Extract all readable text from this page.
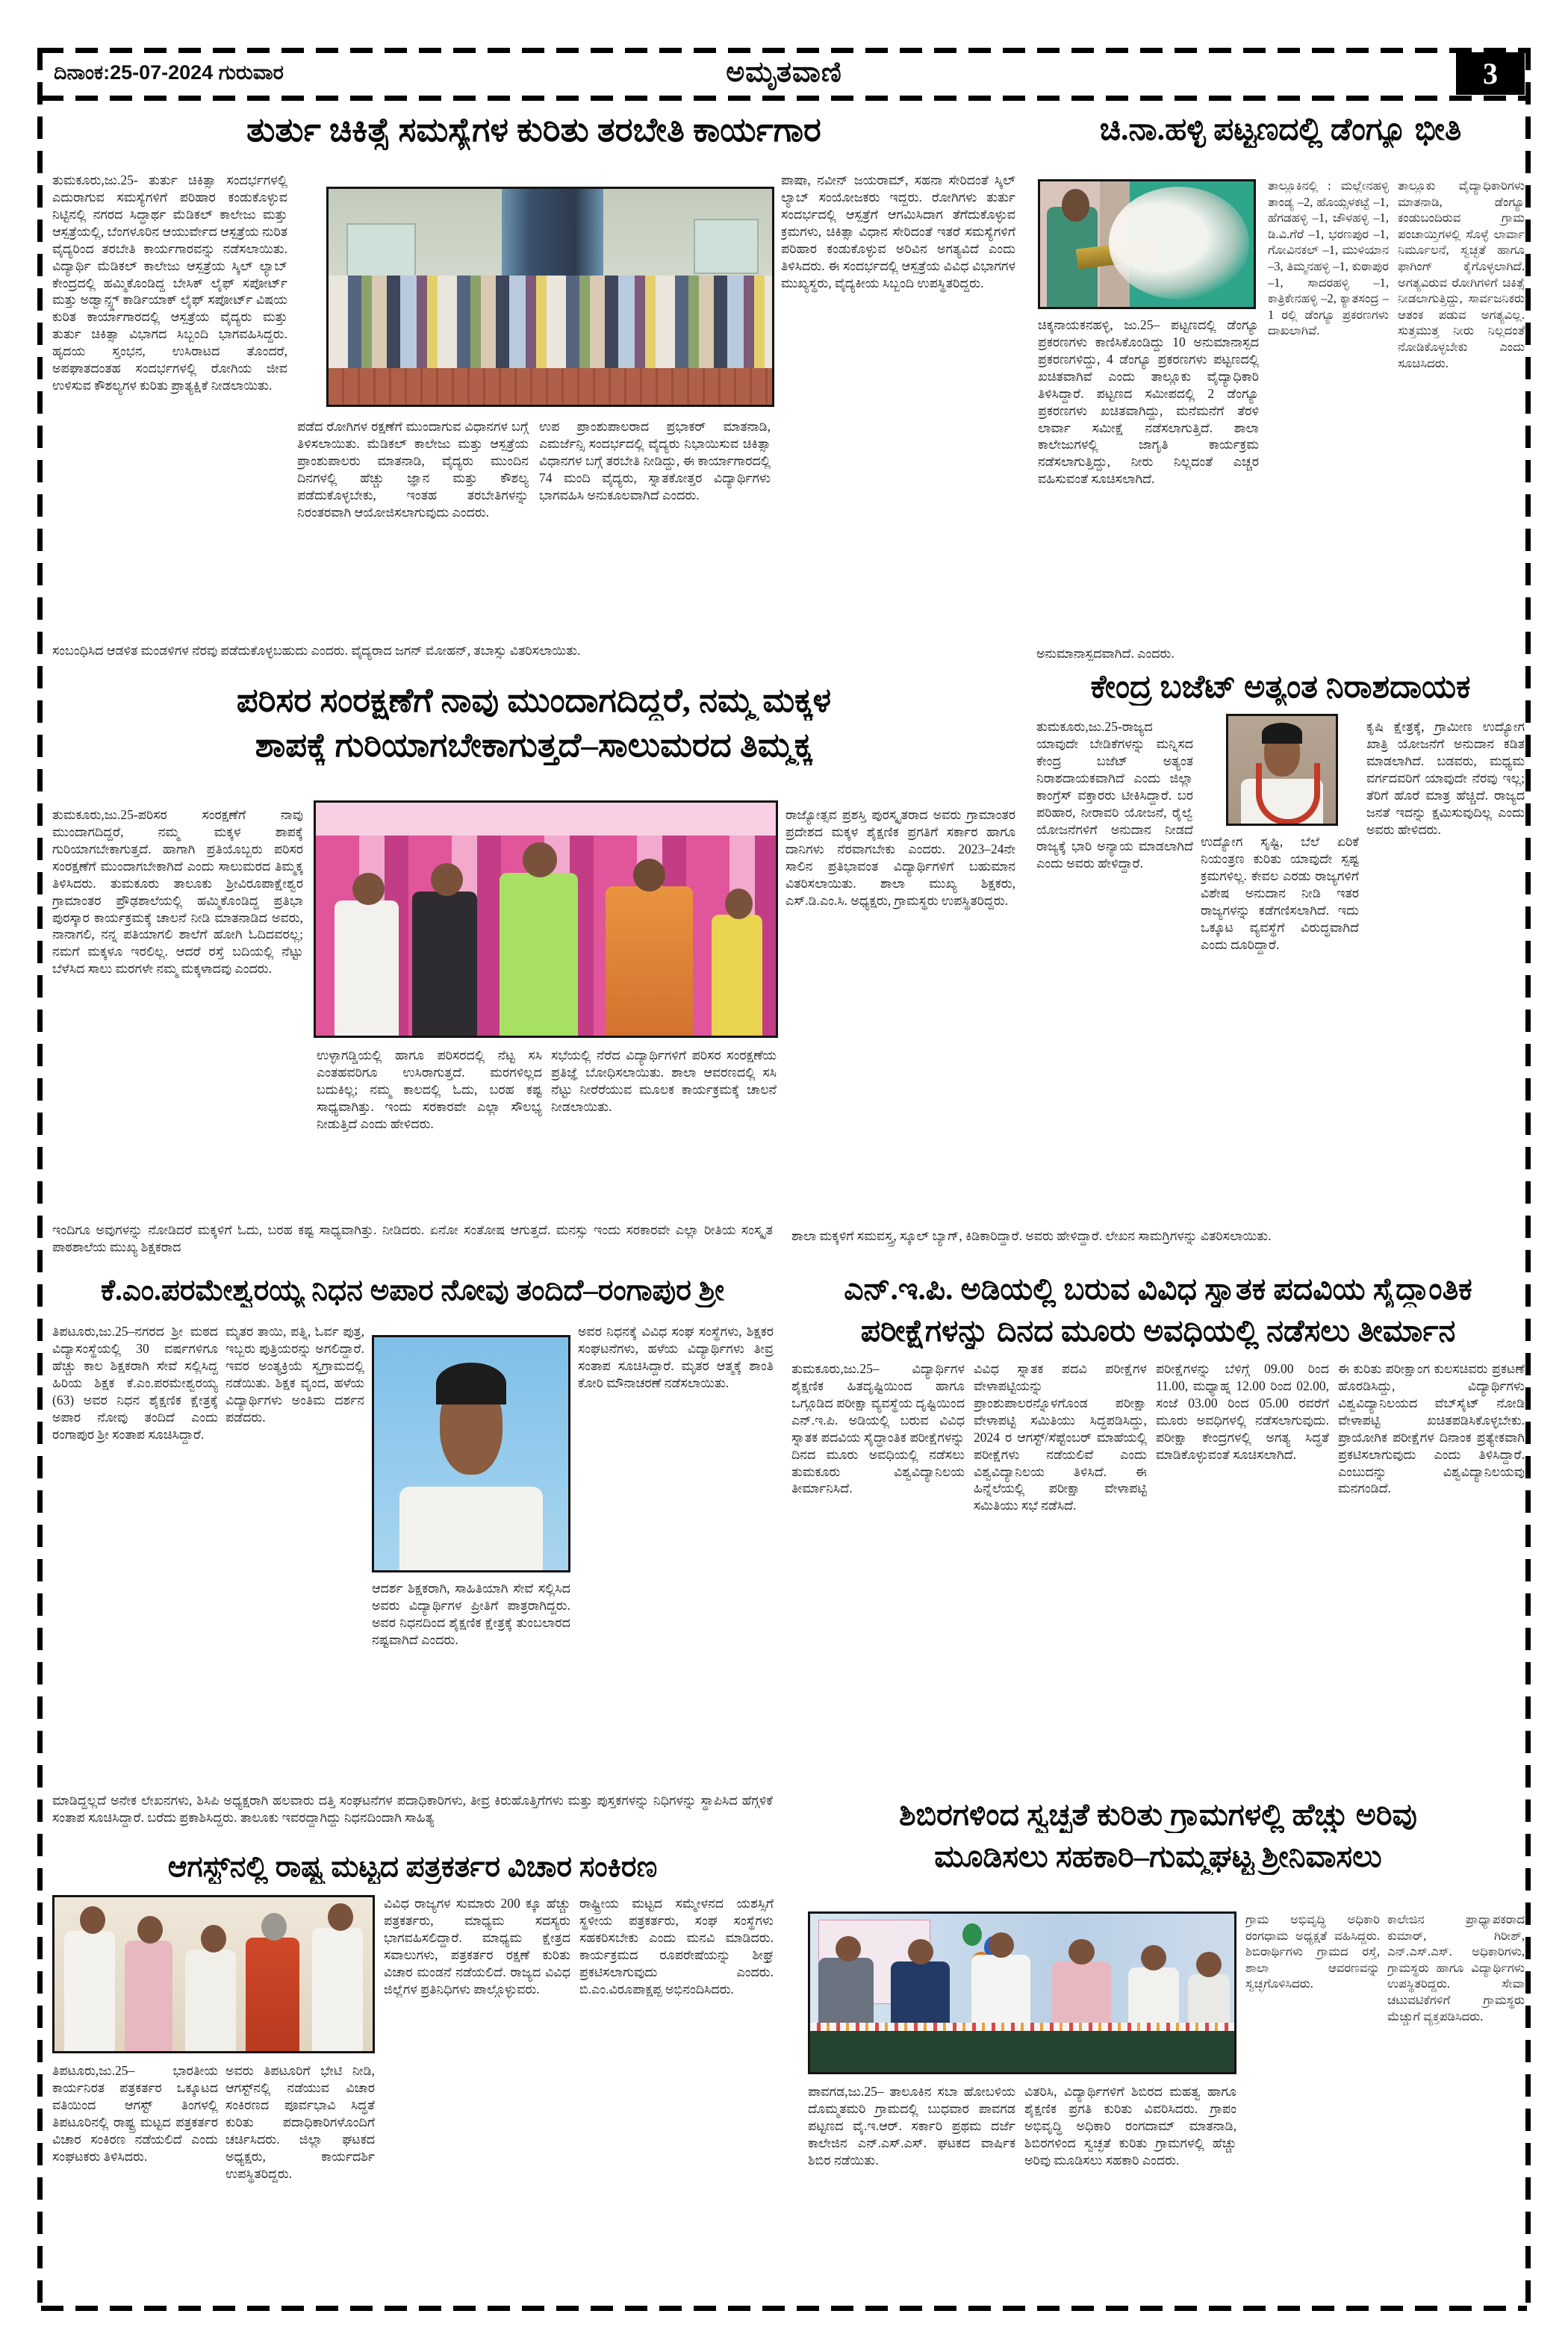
ದಿನಾಂಕ:25-07-2024 ಗುರುವಾರ	ಅಮೃತವಾಣಿ	3
ತುರ್ತು ಚಿಕಿತ್ಸೆ ಸಮಸ್ಯೆಗಳ ಕುರಿತು ತರಬೇತಿ ಕಾರ್ಯಗಾರ
ತುಮಕೂರು,ಜು.25- ತುರ್ತು ಚಿಕಿತ್ಸಾ ಸಂದರ್ಭಗಳಲ್ಲಿ ಎದುರಾಗುವ ಸಮಸ್ಯೆಗಳಿಗೆ ಪರಿಹಾರ ಕಂಡುಕೊಳ್ಳುವ ನಿಟ್ಟಿನಲ್ಲಿ ನಗರದ ಸಿದ್ಧಾರ್ಥ ಮೆಡಿಕಲ್ ಕಾಲೇಜು ಮತ್ತು ಆಸ್ಪತ್ರೆಯಲ್ಲಿ, ಬೆಂಗಳೂರಿನ ಆಯುರ್ವೇದ ಆಸ್ಪತ್ರೆಯ ನುರಿತ ವೈದ್ಯರಿಂದ ತರಬೇತಿ ಕಾರ್ಯಗಾರವನ್ನು ನಡೆಸಲಾಯಿತು. ವಿದ್ಯಾರ್ಥಿ ಮೆಡಿಕಲ್ ಕಾಲೇಜು ಆಸ್ಪತ್ರೆಯ ಸ್ಕಿಲ್ ಲ್ಯಾಬ್ ಕೇಂದ್ರದಲ್ಲಿ ಹಮ್ಮಿಕೊಂಡಿದ್ದ ಬೇಸಿಕ್ ಲೈಫ್ ಸಪೋರ್ಟ್ ಮತ್ತು ಅಡ್ವಾನ್ಸ್ಡ್ ಕಾರ್ಡಿಯಾಕ್ ಲೈಫ್ ಸಪೋರ್ಟ್ ವಿಷಯ ಕುರಿತ ಕಾರ್ಯಾಗಾರದಲ್ಲಿ ಆಸ್ಪತ್ರೆಯ ವೈದ್ಯರು ಮತ್ತು ತುರ್ತು ಚಿಕಿತ್ಸಾ ವಿಭಾಗದ ಸಿಬ್ಬಂದಿ ಭಾಗವಹಿಸಿದ್ದರು. ಹೃದಯ ಸ್ತಂಭನ, ಉಸಿರಾಟದ ತೊಂದರೆ, ಅಪಘಾತದಂತಹ ಸಂದರ್ಭಗಳಲ್ಲಿ ರೋಗಿಯ ಜೀವ ಉಳಿಸುವ ಕೌಶಲ್ಯಗಳ ಕುರಿತು ಪ್ರಾತ್ಯಕ್ಷಿಕೆ ನೀಡಲಾಯಿತು.
ಪಡೆದ ರೋಗಿಗಳ ರಕ್ಷಣೆಗೆ ಮುಂದಾಗುವ ವಿಧಾನಗಳ ಬಗ್ಗೆ ತಿಳಿಸಲಾಯಿತು. ಮೆಡಿಕಲ್ ಕಾಲೇಜು ಮತ್ತು ಆಸ್ಪತ್ರೆಯ ಪ್ರಾಂಶುಪಾಲರು ಮಾತನಾಡಿ, ವೈದ್ಯರು ಮುಂದಿನ ದಿನಗಳಲ್ಲಿ ಹೆಚ್ಚು ಜ್ಞಾನ ಮತ್ತು ಕೌಶಲ್ಯ ಪಡೆದುಕೊಳ್ಳಬೇಕು, ಇಂತಹ ತರಬೇತಿಗಳನ್ನು ನಿರಂತರವಾಗಿ ಆಯೋಜಿಸಲಾಗುವುದು ಎಂದರು.
ಉಪ ಪ್ರಾಂಶುಪಾಲರಾದ ಪ್ರಭಾಕರ್ ಮಾತನಾಡಿ, ಎಮರ್ಜೆನ್ಸಿ ಸಂದರ್ಭದಲ್ಲಿ ವೈದ್ಯರು ನಿಭಾಯಿಸುವ ಚಿಕಿತ್ಸಾ ವಿಧಾನಗಳ ಬಗ್ಗೆ ತರಬೇತಿ ನೀಡಿದ್ದು, ಈ ಕಾರ್ಯಾಗಾರದಲ್ಲಿ 74 ಮಂದಿ ವೈದ್ಯರು, ಸ್ನಾತಕೋತ್ತರ ವಿದ್ಯಾರ್ಥಿಗಳು ಭಾಗವಹಿಸಿ ಅನುಕೂಲವಾಗಿದೆ ಎಂದರು.
ಪಾಷಾ, ನವೀನ್ ಜಯರಾಮ್, ಸಹನಾ ಸೇರಿದಂತೆ ಸ್ಕಿಲ್ ಲ್ಯಾಬ್ ಸಂಯೋಜಕರು ಇದ್ದರು. ರೋಗಿಗಳು ತುರ್ತು ಸಂದರ್ಭದಲ್ಲಿ ಆಸ್ಪತ್ರೆಗೆ ಆಗಮಿಸಿದಾಗ ತೆಗೆದುಕೊಳ್ಳುವ ಕ್ರಮಗಳು, ಚಿಕಿತ್ಸಾ ವಿಧಾನ ಸೇರಿದಂತೆ ಇತರೆ ಸಮಸ್ಯೆಗಳಿಗೆ ಪರಿಹಾರ ಕಂಡುಕೊಳ್ಳುವ ಅರಿವಿನ ಅಗತ್ಯವಿದೆ ಎಂದು ತಿಳಿಸಿದರು. ಈ ಸಂದರ್ಭದಲ್ಲಿ ಆಸ್ಪತ್ರೆಯ ವಿವಿಧ ವಿಭಾಗಗಳ ಮುಖ್ಯಸ್ಥರು, ವೈದ್ಯಕೀಯ ಸಿಬ್ಬಂದಿ ಉಪಸ್ಥಿತರಿದ್ದರು.
ಸಂಬಂಧಿಸಿದ ಆಡಳಿತ ಮಂಡಳಿಗಳ ನೆರವು ಪಡೆದುಕೊಳ್ಳಬಹುದು ಎಂದರು. ವೈದ್ಯರಾದ ಜಗನ್ ಮೋಹನ್, ತಬಾಸ್ಸು ವಿತರಿಸಲಾಯಿತು.
ಚಿ.ನಾ.ಹಳ್ಳಿ ಪಟ್ಟಣದಲ್ಲಿ ಡೆಂಗ್ಯೂ ಭೀತಿ
ಚಿಕ್ಕನಾಯಕನಹಳ್ಳಿ, ಜು.25– ಪಟ್ಟಣದಲ್ಲಿ ಡೆಂಗ್ಯೂ ಪ್ರಕರಣಗಳು ಕಾಣಿಸಿಕೊಂಡಿದ್ದು 10 ಅನುಮಾನಾಸ್ಪದ ಪ್ರಕರಣಗಳಿದ್ದು, 4 ಡೆಂಗ್ಯೂ ಪ್ರಕರಣಗಳು ಪಟ್ಟಣದಲ್ಲಿ ಖಚಿತವಾಗಿವೆ ಎಂದು ತಾಲ್ಲೂಕು ವೈದ್ಯಾಧಿಕಾರಿ ತಿಳಿಸಿದ್ದಾರೆ. ಪಟ್ಟಣದ ಸಮೀಪದಲ್ಲಿ 2 ಡೆಂಗ್ಯೂ ಪ್ರಕರಣಗಳು ಖಚಿತವಾಗಿದ್ದು, ಮನೆಮನೆಗೆ ತೆರಳಿ ಲಾರ್ವಾ ಸಮೀಕ್ಷೆ ನಡೆಸಲಾಗುತ್ತಿದೆ. ಶಾಲಾ ಕಾಲೇಜುಗಳಲ್ಲಿ ಜಾಗೃತಿ ಕಾರ್ಯಕ್ರಮ ನಡೆಸಲಾಗುತ್ತಿದ್ದು, ನೀರು ನಿಲ್ಲದಂತೆ ಎಚ್ಚರ ವಹಿಸುವಂತೆ ಸೂಚಿಸಲಾಗಿದೆ.
ತಾಲ್ಲೂಕಿನಲ್ಲಿ : ಮಲ್ಲೇನಹಳ್ಳಿ ತಾಂಡ್ಯ –2, ಹೊಯ್ಸಳಕಟ್ಟೆ –1, ಹೆಗಡಹಳ್ಳಿ –1, ಚೌಳಹಳ್ಳಿ –1, ಡಿ.ವಿ.ಗೆರೆ –1, ಭರಣಪುರ –1, ಗೋವಿನಕಲ್ –1, ಮುಳಿಯಾನ –3, ತಿಮ್ಮನಹಳ್ಳಿ –1, ಕುಠಾಪುರ –1, ಸಾದರಹಳ್ಳಿ –1, ಕಾತ್ರಿಕೇನಹಳ್ಳಿ –2, ಕ್ಯಾತಸಂದ್ರ –1 ರಲ್ಲಿ ಡೆಂಗ್ಯೂ ಪ್ರಕರಣಗಳು ದಾಖಲಾಗಿವೆ.
ತಾಲ್ಲೂಕು ವೈದ್ಯಾಧಿಕಾರಿಗಳು ಮಾತನಾಡಿ, ಡೆಂಗ್ಯೂ ಕಂಡುಬಂದಿರುವ ಗ್ರಾಮ ಪಂಚಾಯ್ತಿಗಳಲ್ಲಿ ಸೊಳ್ಳೆ ಲಾರ್ವಾ ನಿರ್ಮೂಲನೆ, ಸ್ವಚ್ಛತೆ ಹಾಗೂ ಫಾಗಿಂಗ್ ಕೈಗೊಳ್ಳಲಾಗಿದೆ. ಅಗತ್ಯವಿರುವ ರೋಗಿಗಳಿಗೆ ಚಿಕಿತ್ಸೆ ನೀಡಲಾಗುತ್ತಿದ್ದು, ಸಾರ್ವಜನಿಕರು ಆತಂಕ ಪಡುವ ಅಗತ್ಯವಿಲ್ಲ. ಸುತ್ತಮುತ್ತ ನೀರು ನಿಲ್ಲದಂತೆ ನೋಡಿಕೊಳ್ಳಬೇಕು ಎಂದು ಸೂಚಿಸಿದರು.
ಅನುಮಾನಾಸ್ಪದವಾಗಿದೆ. ಎಂದರು.
ಪರಿಸರ ಸಂರಕ್ಷಣೆಗೆ ನಾವು ಮುಂದಾಗದಿದ್ದರೆ, ನಮ್ಮ ಮಕ್ಕಳ
ಶಾಪಕ್ಕೆ ಗುರಿಯಾಗಬೇಕಾಗುತ್ತದೆ–ಸಾಲುಮರದ ತಿಮ್ಮಕ್ಕ
ತುಮಕೂರು,ಜು.25-ಪರಿಸರ ಸಂರಕ್ಷಣೆಗೆ ನಾವು ಮುಂದಾಗದಿದ್ದರೆ, ನಮ್ಮ ಮಕ್ಕಳ ಶಾಪಕ್ಕೆ ಗುರಿಯಾಗಬೇಕಾಗುತ್ತದೆ. ಹಾಗಾಗಿ ಪ್ರತಿಯೊಬ್ಬರು ಪರಿಸರ ಸಂರಕ್ಷಣೆಗೆ ಮುಂದಾಗಬೇಕಾಗಿದೆ ಎಂದು ಸಾಲುಮರದ ತಿಮ್ಮಕ್ಕ ತಿಳಿಸಿದರು. ತುಮಕೂರು ತಾಲೂಕು ಶ್ರೀವಿರೂಪಾಕ್ಷೇಶ್ವರ ಗ್ರಾಮಾಂತರ ಪ್ರೌಢಶಾಲೆಯಲ್ಲಿ ಹಮ್ಮಿಕೊಂಡಿದ್ದ ಪ್ರತಿಭಾ ಪುರಸ್ಕಾರ ಕಾರ್ಯಕ್ರಮಕ್ಕೆ ಚಾಲನೆ ನೀಡಿ ಮಾತನಾಡಿದ ಅವರು, ನಾನಾಗಲಿ, ನನ್ನ ಪತಿಯಾಗಲಿ ಶಾಲೆಗೆ ಹೋಗಿ ಓದಿದವರಲ್ಲ; ನಮಗೆ ಮಕ್ಕಳೂ ಇರಲಿಲ್ಲ. ಆದರೆ ರಸ್ತೆ ಬದಿಯಲ್ಲಿ ನೆಟ್ಟು ಬೆಳೆಸಿದ ಸಾಲು ಮರಗಳೇ ನಮ್ಮ ಮಕ್ಕಳಾದವು ಎಂದರು.
ಉಳ್ಳಾಗಡ್ಡಿಯಲ್ಲಿ ಹಾಗೂ ಪರಿಸರದಲ್ಲಿ ನೆಟ್ಟ ಸಸಿ ಎಂತಹವರಿಗೂ ಉಸಿರಾಗುತ್ತದೆ. ಮರಗಳಿಲ್ಲದ ಬದುಕಿಲ್ಲ; ನಮ್ಮ ಕಾಲದಲ್ಲಿ ಓದು, ಬರಹ ಕಷ್ಟ ಸಾಧ್ಯವಾಗಿತ್ತು. ಇಂದು ಸರಕಾರವೇ ಎಲ್ಲಾ ಸೌಲಭ್ಯ ನೀಡುತ್ತಿದೆ ಎಂದು ಹೇಳಿದರು.
ಸಭೆಯಲ್ಲಿ ನೆರೆದ ವಿದ್ಯಾರ್ಥಿಗಳಿಗೆ ಪರಿಸರ ಸಂರಕ್ಷಣೆಯ ಪ್ರತಿಜ್ಞೆ ಬೋಧಿಸಲಾಯಿತು. ಶಾಲಾ ಆವರಣದಲ್ಲಿ ಸಸಿ ನೆಟ್ಟು ನೀರೆರೆಯುವ ಮೂಲಕ ಕಾರ್ಯಕ್ರಮಕ್ಕೆ ಚಾಲನೆ ನೀಡಲಾಯಿತು.
ರಾಜ್ಯೋತ್ಸವ ಪ್ರಶಸ್ತಿ ಪುರಸ್ಕೃತರಾದ ಅವರು ಗ್ರಾಮಾಂತರ ಪ್ರದೇಶದ ಮಕ್ಕಳ ಶೈಕ್ಷಣಿಕ ಪ್ರಗತಿಗೆ ಸರ್ಕಾರ ಹಾಗೂ ದಾನಿಗಳು ನೆರವಾಗಬೇಕು ಎಂದರು. 2023–24ನೇ ಸಾಲಿನ ಪ್ರತಿಭಾವಂತ ವಿದ್ಯಾರ್ಥಿಗಳಿಗೆ ಬಹುಮಾನ ವಿತರಿಸಲಾಯಿತು. ಶಾಲಾ ಮುಖ್ಯ ಶಿಕ್ಷಕರು, ಎಸ್.ಡಿ.ಎಂ.ಸಿ. ಅಧ್ಯಕ್ಷರು, ಗ್ರಾಮಸ್ಥರು ಉಪಸ್ಥಿತರಿದ್ದರು.
ಇಂದಿಗೂ ಅವುಗಳನ್ನು ನೋಡಿದರೆ ಮಕ್ಕಳಿಗೆ ಓದು, ಬರಹ ಕಷ್ಟ ಸಾಧ್ಯವಾಗಿತ್ತು. ನೀಡಿದರು. ಏನೋ ಸಂತೋಷ ಆಗುತ್ತದೆ. ಮನಸ್ಸು ಇಂದು ಸರಕಾರವೇ ಎಲ್ಲಾ ರೀತಿಯ ಸಂಸ್ಕೃತ ಪಾಠಶಾಲೆಯ ಮುಖ್ಯ ಶಿಕ್ಷಕರಾದ
ಕೇಂದ್ರ ಬಜೆಟ್ ಅತ್ಯಂತ ನಿರಾಶದಾಯಕ
ತುಮಕೂರು,ಜು.25-ರಾಜ್ಯದ ಯಾವುದೇ ಬೇಡಿಕೆಗಳನ್ನು ಮನ್ನಿಸದ ಕೇಂದ್ರ ಬಜೆಟ್ ಅತ್ಯಂತ ನಿರಾಶದಾಯಕವಾಗಿದೆ ಎಂದು ಜಿಲ್ಲಾ ಕಾಂಗ್ರೆಸ್ ವಕ್ತಾರರು ಟೀಕಿಸಿದ್ದಾರೆ. ಬರ ಪರಿಹಾರ, ನೀರಾವರಿ ಯೋಜನೆ, ರೈಲ್ವೆ ಯೋಜನೆಗಳಿಗೆ ಅನುದಾನ ನೀಡದೆ ರಾಜ್ಯಕ್ಕೆ ಭಾರಿ ಅನ್ಯಾಯ ಮಾಡಲಾಗಿದೆ ಎಂದು ಅವರು ಹೇಳಿದ್ದಾರೆ.
ಉದ್ಯೋಗ ಸೃಷ್ಟಿ, ಬೆಲೆ ಏರಿಕೆ ನಿಯಂತ್ರಣ ಕುರಿತು ಯಾವುದೇ ಸ್ಪಷ್ಟ ಕ್ರಮಗಳಿಲ್ಲ. ಕೇವಲ ಎರಡು ರಾಜ್ಯಗಳಿಗೆ ವಿಶೇಷ ಅನುದಾನ ನೀಡಿ ಇತರ ರಾಜ್ಯಗಳನ್ನು ಕಡೆಗಣಿಸಲಾಗಿದೆ. ಇದು ಒಕ್ಕೂಟ ವ್ಯವಸ್ಥೆಗೆ ವಿರುದ್ಧವಾಗಿದೆ ಎಂದು ದೂರಿದ್ದಾರೆ.
ಕೃಷಿ ಕ್ಷೇತ್ರಕ್ಕೆ, ಗ್ರಾಮೀಣ ಉದ್ಯೋಗ ಖಾತ್ರಿ ಯೋಜನೆಗೆ ಅನುದಾನ ಕಡಿತ ಮಾಡಲಾಗಿದೆ. ಬಡವರು, ಮಧ್ಯಮ ವರ್ಗದವರಿಗೆ ಯಾವುದೇ ನೆರವು ಇಲ್ಲ; ತೆರಿಗೆ ಹೊರೆ ಮಾತ್ರ ಹೆಚ್ಚಿದೆ. ರಾಜ್ಯದ ಜನತೆ ಇದನ್ನು ಕ್ಷಮಿಸುವುದಿಲ್ಲ ಎಂದು ಅವರು ಹೇಳಿದರು.
ಕೆ.ಎಂ.ಪರಮೇಶ್ವರಯ್ಯ ನಿಧನ ಅಪಾರ ನೋವು ತಂದಿದೆ–ರಂಗಾಪುರ ಶ್ರೀ
ತಿಪಟೂರು,ಜು.25–ನಗರದ ಶ್ರೀ ಮಠದ ವಿದ್ಯಾಸಂಸ್ಥೆಯಲ್ಲಿ 30 ವರ್ಷಗಳಿಗೂ ಹೆಚ್ಚು ಕಾಲ ಶಿಕ್ಷಕರಾಗಿ ಸೇವೆ ಸಲ್ಲಿಸಿದ್ದ ಹಿರಿಯ ಶಿಕ್ಷಕ ಕೆ.ಎಂ.ಪರಮೇಶ್ವರಯ್ಯ (63) ಅವರ ನಿಧನ ಶೈಕ್ಷಣಿಕ ಕ್ಷೇತ್ರಕ್ಕೆ ಅಪಾರ ನೋವು ತಂದಿದೆ ಎಂದು ರಂಗಾಪುರ ಶ್ರೀ ಸಂತಾಪ ಸೂಚಿಸಿದ್ದಾರೆ.
ಮೃತರ ತಾಯಿ, ಪತ್ನಿ, ಓರ್ವ ಪುತ್ರ, ಇಬ್ಬರು ಪುತ್ರಿಯರನ್ನು ಅಗಲಿದ್ದಾರೆ. ಇವರ ಅಂತ್ಯಕ್ರಿಯೆ ಸ್ವಗ್ರಾಮದಲ್ಲಿ ನಡೆಯಿತು. ಶಿಕ್ಷಕ ವೃಂದ, ಹಳೆಯ ವಿದ್ಯಾರ್ಥಿಗಳು ಅಂತಿಮ ದರ್ಶನ ಪಡೆದರು.
ಆದರ್ಶ ಶಿಕ್ಷಕರಾಗಿ, ಸಾಹಿತಿಯಾಗಿ ಸೇವೆ ಸಲ್ಲಿಸಿದ ಅವರು ವಿದ್ಯಾರ್ಥಿಗಳ ಪ್ರೀತಿಗೆ ಪಾತ್ರರಾಗಿದ್ದರು. ಅವರ ನಿಧನದಿಂದ ಶೈಕ್ಷಣಿಕ ಕ್ಷೇತ್ರಕ್ಕೆ ತುಂಬಲಾರದ ನಷ್ಟವಾಗಿದೆ ಎಂದರು.
ಅವರ ನಿಧನಕ್ಕೆ ವಿವಿಧ ಸಂಘ ಸಂಸ್ಥೆಗಳು, ಶಿಕ್ಷಕರ ಸಂಘಟನೆಗಳು, ಹಳೆಯ ವಿದ್ಯಾರ್ಥಿಗಳು ತೀವ್ರ ಸಂತಾಪ ಸೂಚಿಸಿದ್ದಾರೆ. ಮೃತರ ಆತ್ಮಕ್ಕೆ ಶಾಂತಿ ಕೋರಿ ಮೌನಾಚರಣೆ ನಡೆಸಲಾಯಿತು.
ಮಾಡಿದ್ದಲ್ಲದೆ ಅನೇಕ ಲೇಖನಗಳು, ಶಿಸಿಪಿ ಅಧ್ಯಕ್ಷರಾಗಿ ಹಲವಾರು ದತ್ತಿ ಸಂಘಟನೆಗಳ ಪದಾಧಿಕಾರಿಗಳು, ತೀವ್ರ ಕಿರುಹೊತ್ತಿಗೆಗಳು ಮತ್ತು ಪುಸ್ತಕಗಳನ್ನು ನಿಧಿಗಳನ್ನು ಸ್ಥಾಪಿಸಿದ ಹೆಗ್ಗಳಿಕೆ ಸಂತಾಪ ಸೂಚಿಸಿದ್ದಾರೆ. ಬರೆದು ಪ್ರಕಾಶಿಸಿದ್ದರು. ತಾಲೂಕು ಇವರದ್ದಾಗಿದ್ದು ನಿಧನದಿಂದಾಗಿ ಸಾಹಿತ್ಯ
ಶಾಲಾ ಮಕ್ಕಳಿಗೆ ಸಮವಸ್ತ್ರ, ಸ್ಕೂಲ್ ಬ್ಯಾಗ್, ಕಿಡಿಕಾರಿದ್ದಾರೆ. ಅವರು ಹೇಳಿದ್ದಾರೆ. ಲೇಖನ ಸಾಮಗ್ರಿಗಳನ್ನು ವಿತರಿಸಲಾಯಿತು.
ಎನ್.ಇ.ಪಿ. ಅಡಿಯಲ್ಲಿ ಬರುವ ವಿವಿಧ ಸ್ನಾತಕ ಪದವಿಯ ಸೈದ್ಧಾಂತಿಕ
ಪರೀಕ್ಷೆಗಳನ್ನು ದಿನದ ಮೂರು ಅವಧಿಯಲ್ಲಿ ನಡೆಸಲು ತೀರ್ಮಾನ
ತುಮಕೂರು,ಜು.25– ವಿದ್ಯಾರ್ಥಿಗಳ ಶೈಕ್ಷಣಿಕ ಹಿತದೃಷ್ಟಿಯಿಂದ ಹಾಗೂ ಒಗ್ಗೂಡಿದ ಪರೀಕ್ಷಾ ವ್ಯವಸ್ಥೆಯ ದೃಷ್ಟಿಯಿಂದ ಎನ್.ಇ.ಪಿ. ಅಡಿಯಲ್ಲಿ ಬರುವ ವಿವಿಧ ಸ್ನಾತಕ ಪದವಿಯ ಸೈದ್ಧಾಂತಿಕ ಪರೀಕ್ಷೆಗಳನ್ನು ದಿನದ ಮೂರು ಅವಧಿಯಲ್ಲಿ ನಡೆಸಲು ತುಮಕೂರು ವಿಶ್ವವಿದ್ಯಾನಿಲಯ ತೀರ್ಮಾನಿಸಿದೆ.
ವಿವಿಧ ಸ್ನಾತಕ ಪದವಿ ಪರೀಕ್ಷೆಗಳ ವೇಳಾಪಟ್ಟಿಯನ್ನು ಪ್ರಾಂಶುಪಾಲರನ್ನೊಳಗೊಂಡ ಪರೀಕ್ಷಾ ವೇಳಾಪಟ್ಟಿ ಸಮಿತಿಯು ಸಿದ್ಧಪಡಿಸಿದ್ದು, 2024 ರ ಆಗಸ್ಟ್/ಸೆಪ್ಟೆಂಬರ್ ಮಾಹೆಯಲ್ಲಿ ಪರೀಕ್ಷೆಗಳು ನಡೆಯಲಿವೆ ಎಂದು ವಿಶ್ವವಿದ್ಯಾನಿಲಯ ತಿಳಿಸಿದೆ. ಈ ಹಿನ್ನೆಲೆಯಲ್ಲಿ ಪರೀಕ್ಷಾ ವೇಳಾಪಟ್ಟಿ ಸಮಿತಿಯು ಸಭೆ ನಡೆಸಿದೆ.
ಪರೀಕ್ಷೆಗಳನ್ನು ಬೆಳಿಗ್ಗೆ 09.00 ರಿಂದ 11.00, ಮಧ್ಯಾಹ್ನ 12.00 ರಿಂದ 02.00, ಸಂಜೆ 03.00 ರಿಂದ 05.00 ರವರೆಗೆ ಮೂರು ಅವಧಿಗಳಲ್ಲಿ ನಡೆಸಲಾಗುವುದು. ಪರೀಕ್ಷಾ ಕೇಂದ್ರಗಳಲ್ಲಿ ಅಗತ್ಯ ಸಿದ್ಧತೆ ಮಾಡಿಕೊಳ್ಳುವಂತೆ ಸೂಚಿಸಲಾಗಿದೆ.
ಈ ಕುರಿತು ಪರೀಕ್ಷಾಂಗ ಕುಲಸಚಿವರು ಪ್ರಕಟಣೆ ಹೊರಡಿಸಿದ್ದು, ವಿದ್ಯಾರ್ಥಿಗಳು ವಿಶ್ವವಿದ್ಯಾನಿಲಯದ ವೆಬ್‌ಸೈಟ್ ನೋಡಿ ವೇಳಾಪಟ್ಟಿ ಖಚಿತಪಡಿಸಿಕೊಳ್ಳಬೇಕು. ಪ್ರಾಯೋಗಿಕ ಪರೀಕ್ಷೆಗಳ ದಿನಾಂಕ ಪ್ರತ್ಯೇಕವಾಗಿ ಪ್ರಕಟಿಸಲಾಗುವುದು ಎಂದು ತಿಳಿಸಿದ್ದಾರೆ. ಎಂಬುದನ್ನು ವಿಶ್ವವಿದ್ಯಾನಿಲಯವು ಮನಗಂಡಿದೆ.
ಆಗಸ್ಟ್‌ನಲ್ಲಿ ರಾಷ್ಟ್ರ ಮಟ್ಟದ ಪತ್ರಕರ್ತರ ವಿಚಾರ ಸಂಕಿರಣ
ತಿಪಟೂರು,ಜು.25– ಭಾರತೀಯ ಕಾರ್ಯನಿರತ ಪತ್ರಕರ್ತರ ಒಕ್ಕೂಟದ ವತಿಯಿಂದ ಆಗಸ್ಟ್ ತಿಂಗಳಲ್ಲಿ ತಿಪಟೂರಿನಲ್ಲಿ ರಾಷ್ಟ್ರ ಮಟ್ಟದ ಪತ್ರಕರ್ತರ ವಿಚಾರ ಸಂಕಿರಣ ನಡೆಯಲಿದೆ ಎಂದು ಸಂಘಟಕರು ತಿಳಿಸಿದರು.
ಅವರು ತಿಪಟೂರಿಗೆ ಭೇಟಿ ನೀಡಿ, ಆಗಸ್ಟ್‌ನಲ್ಲಿ ನಡೆಯುವ ವಿಚಾರ ಸಂಕಿರಣದ ಪೂರ್ವಭಾವಿ ಸಿದ್ಧತೆ ಕುರಿತು ಪದಾಧಿಕಾರಿಗಳೊಂದಿಗೆ ಚರ್ಚಿಸಿದರು. ಜಿಲ್ಲಾ ಘಟಕದ ಅಧ್ಯಕ್ಷರು, ಕಾರ್ಯದರ್ಶಿ ಉಪಸ್ಥಿತರಿದ್ದರು.
ವಿವಿಧ ರಾಜ್ಯಗಳ ಸುಮಾರು 200 ಕ್ಕೂ ಹೆಚ್ಚು ಪತ್ರಕರ್ತರು, ಮಾಧ್ಯಮ ಸದಸ್ಯರು ಭಾಗವಹಿಸಲಿದ್ದಾರೆ. ಮಾಧ್ಯಮ ಕ್ಷೇತ್ರದ ಸವಾಲುಗಳು, ಪತ್ರಕರ್ತರ ರಕ್ಷಣೆ ಕುರಿತು ವಿಚಾರ ಮಂಡನೆ ನಡೆಯಲಿದೆ. ರಾಜ್ಯದ ವಿವಿಧ ಜಿಲ್ಲೆಗಳ ಪ್ರತಿನಿಧಿಗಳು ಪಾಲ್ಗೊಳ್ಳುವರು.
ರಾಷ್ಟ್ರೀಯ ಮಟ್ಟದ ಸಮ್ಮೇಳನದ ಯಶಸ್ಸಿಗೆ ಸ್ಥಳೀಯ ಪತ್ರಕರ್ತರು, ಸಂಘ ಸಂಸ್ಥೆಗಳು ಸಹಕರಿಸಬೇಕು ಎಂದು ಮನವಿ ಮಾಡಿದರು. ಕಾರ್ಯಕ್ರಮದ ರೂಪರೇಷೆಯನ್ನು ಶೀಘ್ರ ಪ್ರಕಟಿಸಲಾಗುವುದು ಎಂದರು. ಬಿ.ಎಂ.ವಿರೂಪಾಕ್ಷಪ್ಪ ಅಭಿನಂದಿಸಿದರು.
ಶಿಬಿರಗಳಿಂದ ಸ್ವಚ್ಛತೆ ಕುರಿತು ಗ್ರಾಮಗಳಲ್ಲಿ ಹೆಚ್ಚು ಅರಿವು
ಮೂಡಿಸಲು ಸಹಕಾರಿ–ಗುಮ್ಮಘಟ್ಟ ಶ್ರೀನಿವಾಸಲು
ಪಾವಗಡ,ಜು.25– ತಾಲೂಕಿನ ಸಬಾ ಹೋಬಳಿಯ ದೊಮ್ಮತಮರಿ ಗ್ರಾಮದಲ್ಲಿ ಬುಧವಾರ ಪಾವಗಡ ಪಟ್ಟಣದ ವೈ.ಇ.ಆರ್. ಸರ್ಕಾರಿ ಪ್ರಥಮ ದರ್ಜೆ ಕಾಲೇಜಿನ ಎನ್.ಎಸ್.ಎಸ್. ಘಟಕದ ವಾರ್ಷಿಕ ಶಿಬಿರ ನಡೆಯಿತು.
ವಿತರಿಸಿ, ವಿದ್ಯಾರ್ಥಿಗಳಿಗೆ ಶಿಬಿರದ ಮಹತ್ವ ಹಾಗೂ ಶೈಕ್ಷಣಿಕ ಪ್ರಗತಿ ಕುರಿತು ವಿವರಿಸಿದರು. ಗ್ರಾಪಂ ಅಭಿವೃದ್ಧಿ ಅಧಿಕಾರಿ ರಂಗದಾಮ್ ಮಾತನಾಡಿ, ಶಿಬಿರಗಳಿಂದ ಸ್ವಚ್ಛತೆ ಕುರಿತು ಗ್ರಾಮಗಳಲ್ಲಿ ಹೆಚ್ಚು ಅರಿವು ಮೂಡಿಸಲು ಸಹಕಾರಿ ಎಂದರು.
ಗ್ರಾಮ ಅಭಿವೃದ್ಧಿ ಅಧಿಕಾರಿ ರಂಗಧಾಮ ಅಧ್ಯಕ್ಷತೆ ವಹಿಸಿದ್ದರು. ಶಿಬಿರಾರ್ಥಿಗಳು ಗ್ರಾಮದ ರಸ್ತೆ, ಶಾಲಾ ಆವರಣವನ್ನು ಸ್ವಚ್ಛಗೊಳಿಸಿದರು.
ಕಾಲೇಜಿನ ಪ್ರಾಧ್ಯಾಪಕರಾದ ಕುಮಾರ್, ಗಿರೀಶ್, ಎನ್.ಎಸ್.ಎಸ್. ಅಧಿಕಾರಿಗಳು, ಗ್ರಾಮಸ್ಥರು ಹಾಗೂ ವಿದ್ಯಾರ್ಥಿಗಳು ಉಪಸ್ಥಿತರಿದ್ದರು. ಸೇವಾ ಚಟುವಟಿಕೆಗಳಿಗೆ ಗ್ರಾಮಸ್ಥರು ಮೆಚ್ಚುಗೆ ವ್ಯಕ್ತಪಡಿಸಿದರು.
